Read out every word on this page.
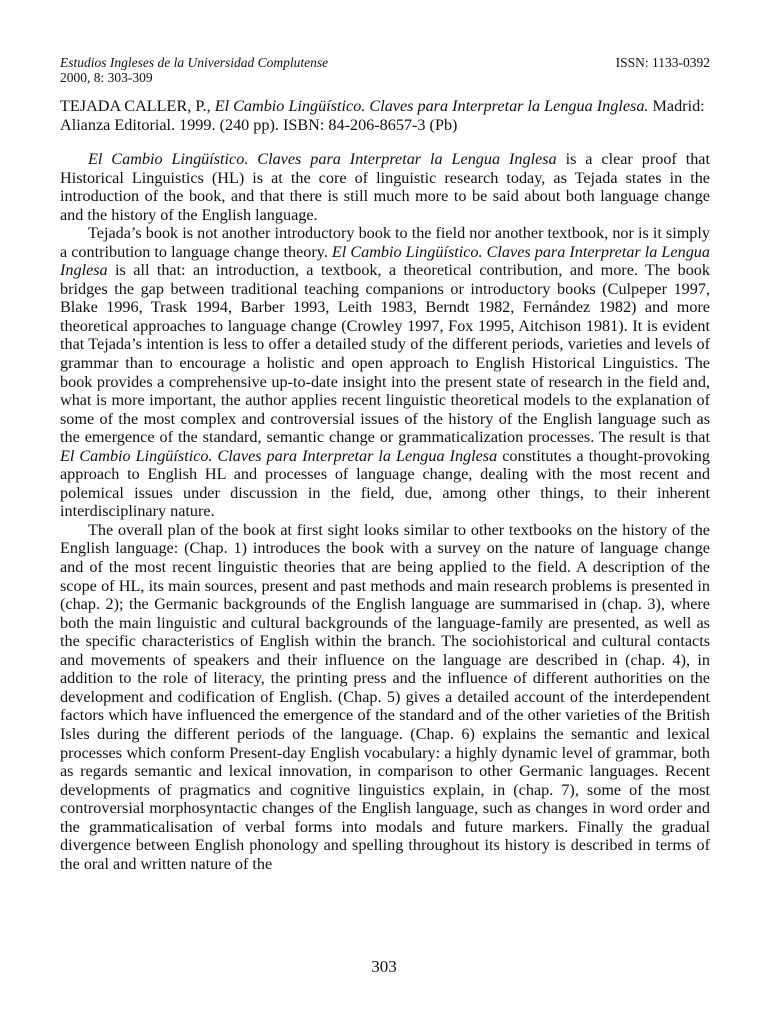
Estudios Ingleses de la Universidad Complutense	ISSN: 1133-0392
2000, 8: 303-309

TEJADA CALLER, P., El Cambio Lingüístico. Claves para Interpretar la Lengua Inglesa. Madrid: Alianza Editorial. 1999. (240 pp). ISBN: 84-206-8657-3 (Pb)

El Cambio Lingüístico. Claves para Interpretar la Lengua Inglesa is a clear proof that Historical Linguistics (HL) is at the core of linguistic research today, as Tejada states in the introduction of the book, and that there is still much more to be said about both language change and the history of the English language.

Tejada’s book is not another introductory book to the field nor another textbook, nor is it simply a contribution to language change theory. El Cambio Lingüístico. Claves para Interpretar la Lengua Inglesa is all that: an introduction, a textbook, a theoretical contribution, and more. The book bridges the gap between traditional teaching companions or introductory books (Culpeper 1997, Blake 1996, Trask 1994, Barber 1993, Leith 1983, Berndt 1982, Fernández 1982) and more theoretical approaches to language change (Crowley 1997, Fox 1995, Aitchison 1981). It is evident that Tejada’s intention is less to offer a detailed study of the different periods, varieties and levels of grammar than to encourage a holistic and open approach to English Historical Linguistics. The book provides a comprehensive up-to-date insight into the present state of research in the field and, what is more important, the author applies recent linguistic theoretical models to the explanation of some of the most complex and controversial issues of the history of the English language such as the emergence of the standard, semantic change or grammaticalization processes. The result is that El Cambio Lingüístico. Claves para Interpretar la Lengua Inglesa constitutes a thought-provoking approach to English HL and processes of language change, dealing with the most recent and polemical issues under discussion in the field, due, among other things, to their inherent interdisciplinary nature.

The overall plan of the book at first sight looks similar to other textbooks on the history of the English language: (Chap. 1) introduces the book with a survey on the nature of language change and of the most recent linguistic theories that are being applied to the field. A description of the scope of HL, its main sources, present and past methods and main research problems is presented in (chap. 2); the Germanic backgrounds of the English language are summarised in (chap. 3), where both the main linguistic and cultural backgrounds of the language-family are presented, as well as the specific characteristics of English within the branch. The sociohistorical and cultural contacts and movements of speakers and their influence on the language are described in (chap. 4), in addition to the role of literacy, the printing press and the influence of different authorities on the development and codification of English. (Chap. 5) gives a detailed account of the interdependent factors which have influenced the emergence of the standard and of the other varieties of the British Isles during the different periods of the language. (Chap. 6) explains the semantic and lexical processes which conform Present-day English vocabulary: a highly dynamic level of grammar, both as regards semantic and lexical innovation, in comparison to other Germanic languages. Recent developments of pragmatics and cognitive linguistics explain, in (chap. 7), some of the most controversial morphosyntactic changes of the English language, such as changes in word order and the grammaticalisation of verbal forms into modals and future markers. Finally the gradual divergence between English phonology and spelling throughout its history is described in terms of the oral and written nature of the

303
